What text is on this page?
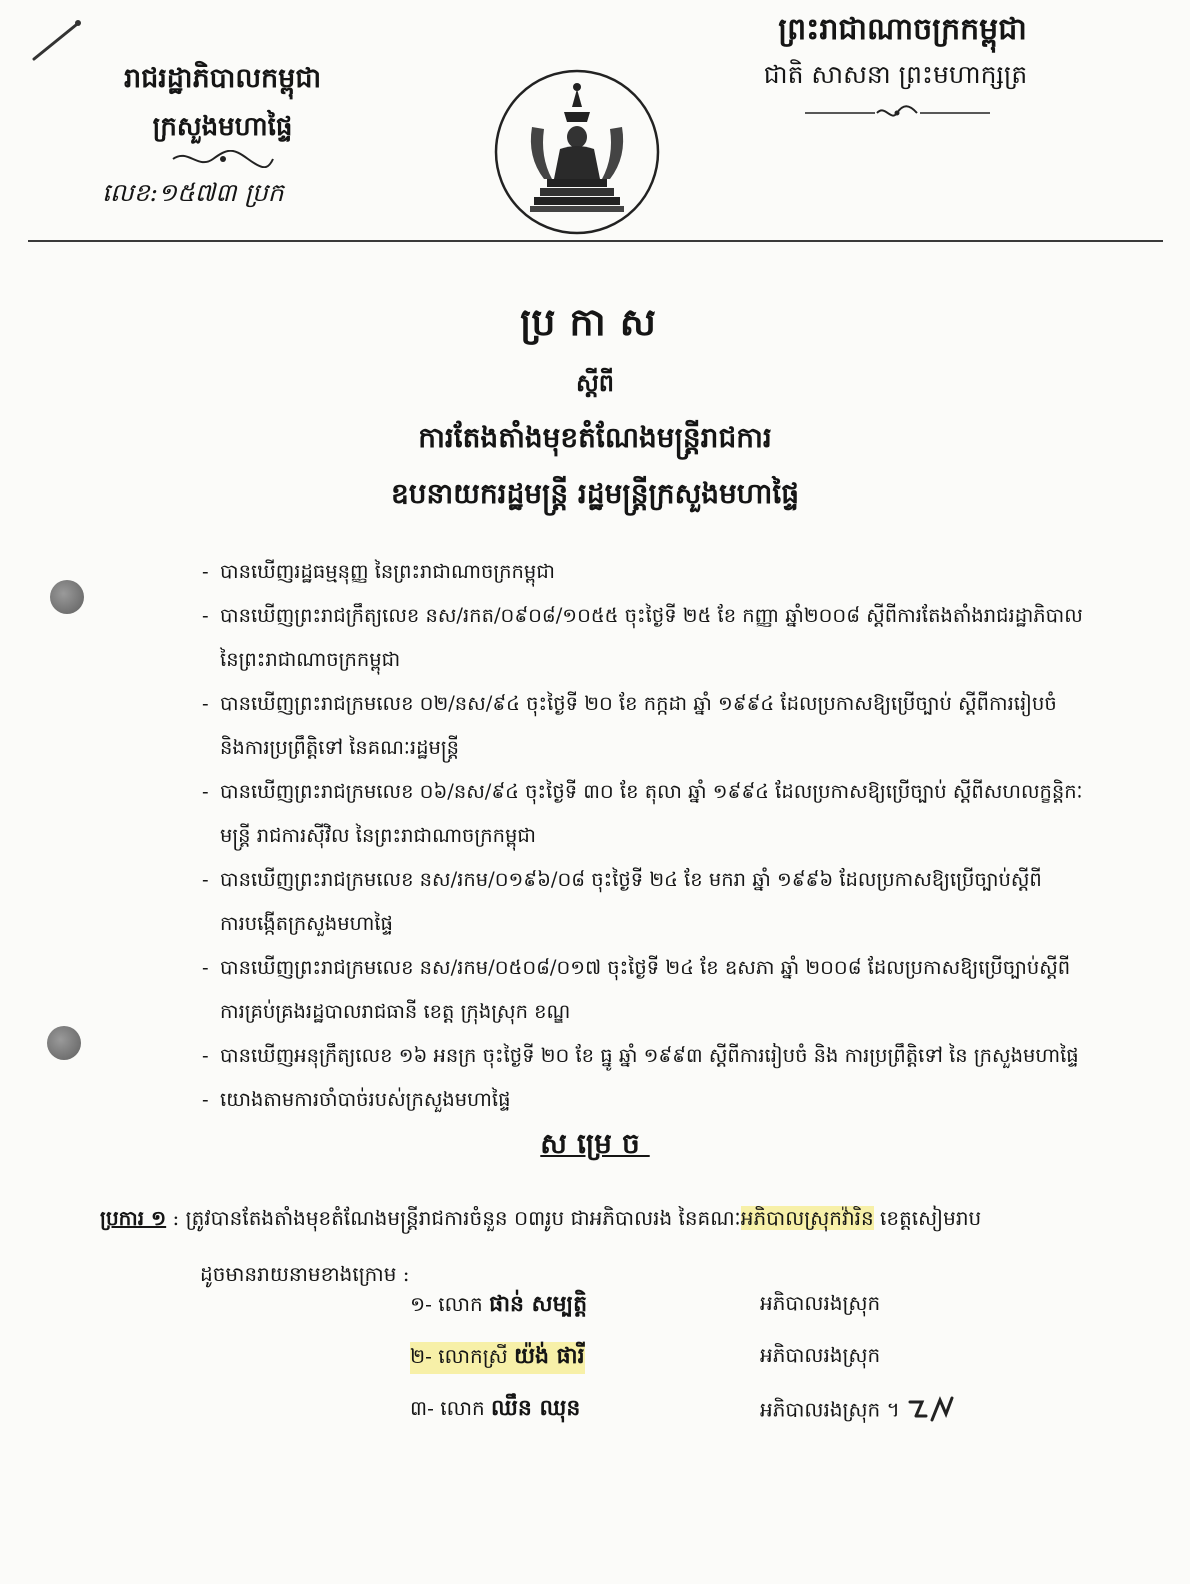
រាជរដ្ឋាភិបាលកម្ពុជា
ក្រសួងមហាផ្ទៃ
លេខ:១៥៧៣ ប្រក
ព្រះរាជាណាចក្រកម្ពុជា
ជាតិ សាសនា ព្រះមហាក្សត្រ
ប្រកាស
ស្តីពី
ការតែងតាំងមុខតំណែងមន្ត្រីរាជការ
ឧបនាយករដ្ឋមន្ត្រី រដ្ឋមន្ត្រីក្រសួងមហាផ្ទៃ
- បានឃើញរដ្ឋធម្មនុញ្ញ នៃព្រះរាជាណាចក្រកម្ពុជា
- បានឃើញព្រះរាជក្រឹត្យលេខ នស/រកត/០៩០៨/១០៥៥ ចុះថ្ងៃទី ២៥ ខែ កញ្ញា ឆ្នាំ២០០៨ ស្តីពីការតែងតាំងរាជរដ្ឋាភិបាល
នៃព្រះរាជាណាចក្រកម្ពុជា
- បានឃើញព្រះរាជក្រមលេខ ០២/នស/៩៤ ចុះថ្ងៃទី ២០ ខែ កក្កដា ឆ្នាំ ១៩៩៤ ដែលប្រកាសឱ្យប្រើច្បាប់ ស្តីពីការរៀបចំ
និងការប្រព្រឹត្តិទៅ នៃគណៈរដ្ឋមន្ត្រី
- បានឃើញព្រះរាជក្រមលេខ ០៦/នស/៩៤ ចុះថ្ងៃទី ៣០ ខែ តុលា ឆ្នាំ ១៩៩៤ ដែលប្រកាសឱ្យប្រើច្បាប់ ស្តីពីសហលក្ខន្តិកៈ
មន្ត្រី រាជការស៊ីវិល នៃព្រះរាជាណាចក្រកម្ពុជា
- បានឃើញព្រះរាជក្រមលេខ នស/រកម/០១៩៦/០៨ ចុះថ្ងៃទី ២៤ ខែ មករា ឆ្នាំ ១៩៩៦ ដែលប្រកាសឱ្យប្រើច្បាប់ស្តីពី
ការបង្កើតក្រសួងមហាផ្ទៃ
- បានឃើញព្រះរាជក្រមលេខ នស/រកម/០៥០៨/០១៧ ចុះថ្ងៃទី ២៤ ខែ ឧសភា ឆ្នាំ ២០០៨ ដែលប្រកាសឱ្យប្រើច្បាប់ស្តីពី
ការគ្រប់គ្រងរដ្ឋបាលរាជធានី ខេត្ត ក្រុងស្រុក ខណ្ឌ
- បានឃើញអនុក្រឹត្យលេខ ១៦ អនក្រ ចុះថ្ងៃទី ២០ ខែ ធ្នូ ឆ្នាំ ១៩៩៣ ស្តីពីការរៀបចំ និង ការប្រព្រឹត្តិទៅ នៃ ក្រសួងមហាផ្ទៃ
- យោងតាមការចាំបាច់របស់ក្រសួងមហាផ្ទៃ
សម្រេច
ប្រការ ១ : ត្រូវបានតែងតាំងមុខតំណែងមន្ត្រីរាជការចំនួន ០៣រូប ជាអភិបាលរង នៃគណៈអភិបាលស្រុកវ៉ារិន ខេត្តសៀមរាប
ដូចមានរាយនាមខាងក្រោម :
១- លោក ផាន់ សម្បត្តិ	អភិបាលរងស្រុក
២- លោកស្រី យ៉ង់ ផារី	អភិបាលរងស្រុក
៣- លោក ឈឹន ឈុន	អភិបាលរងស្រុក ។
